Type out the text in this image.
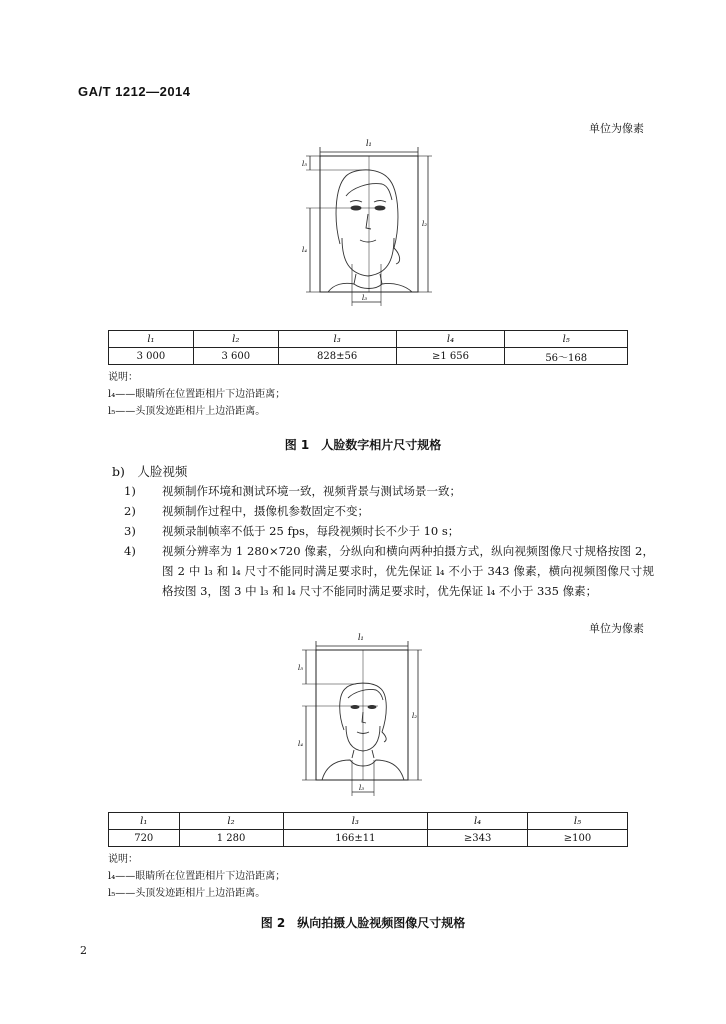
GA/T 1212—2014
单位为像素
l₁
l₅
l₄
l₂
l₃
l₁	l₂	l₃	l₄	l₅
3 000	3 600	828±56	≥1 656	56～168
说明：
l₄——眼睛所在位置距相片下边沿距离；
l₅——头顶发迹距相片上边沿距离。
图 1　人脸数字相片尺寸规格
b)　人脸视频
1) 视频制作环境和测试环境一致，视频背景与测试场景一致；
2) 视频制作过程中，摄像机参数固定不变；
3) 视频录制帧率不低于 25 fps，每段视频时长不少于 10 s；
4) 视频分辨率为 1 280×720 像素，分纵向和横向两种拍摄方式，纵向视频图像尺寸规格按图 2，图 2 中 l₃ 和 l₄ 尺寸不能同时满足要求时，优先保证 l₄ 不小于 343 像素，横向视频图像尺寸规格按图 3，图 3 中 l₃ 和 l₄ 尺寸不能同时满足要求时，优先保证 l₄ 不小于 335 像素；
单位为像素
l₁
l₅
l₄
l₂
l₃
l₁	l₂	l₃	l₄	l₅
720	1 280	166±11	≥343	≥100
说明：
l₄——眼睛所在位置距相片下边沿距离；
l₅——头顶发迹距相片上边沿距离。
图 2　纵向拍摄人脸视频图像尺寸规格
2
